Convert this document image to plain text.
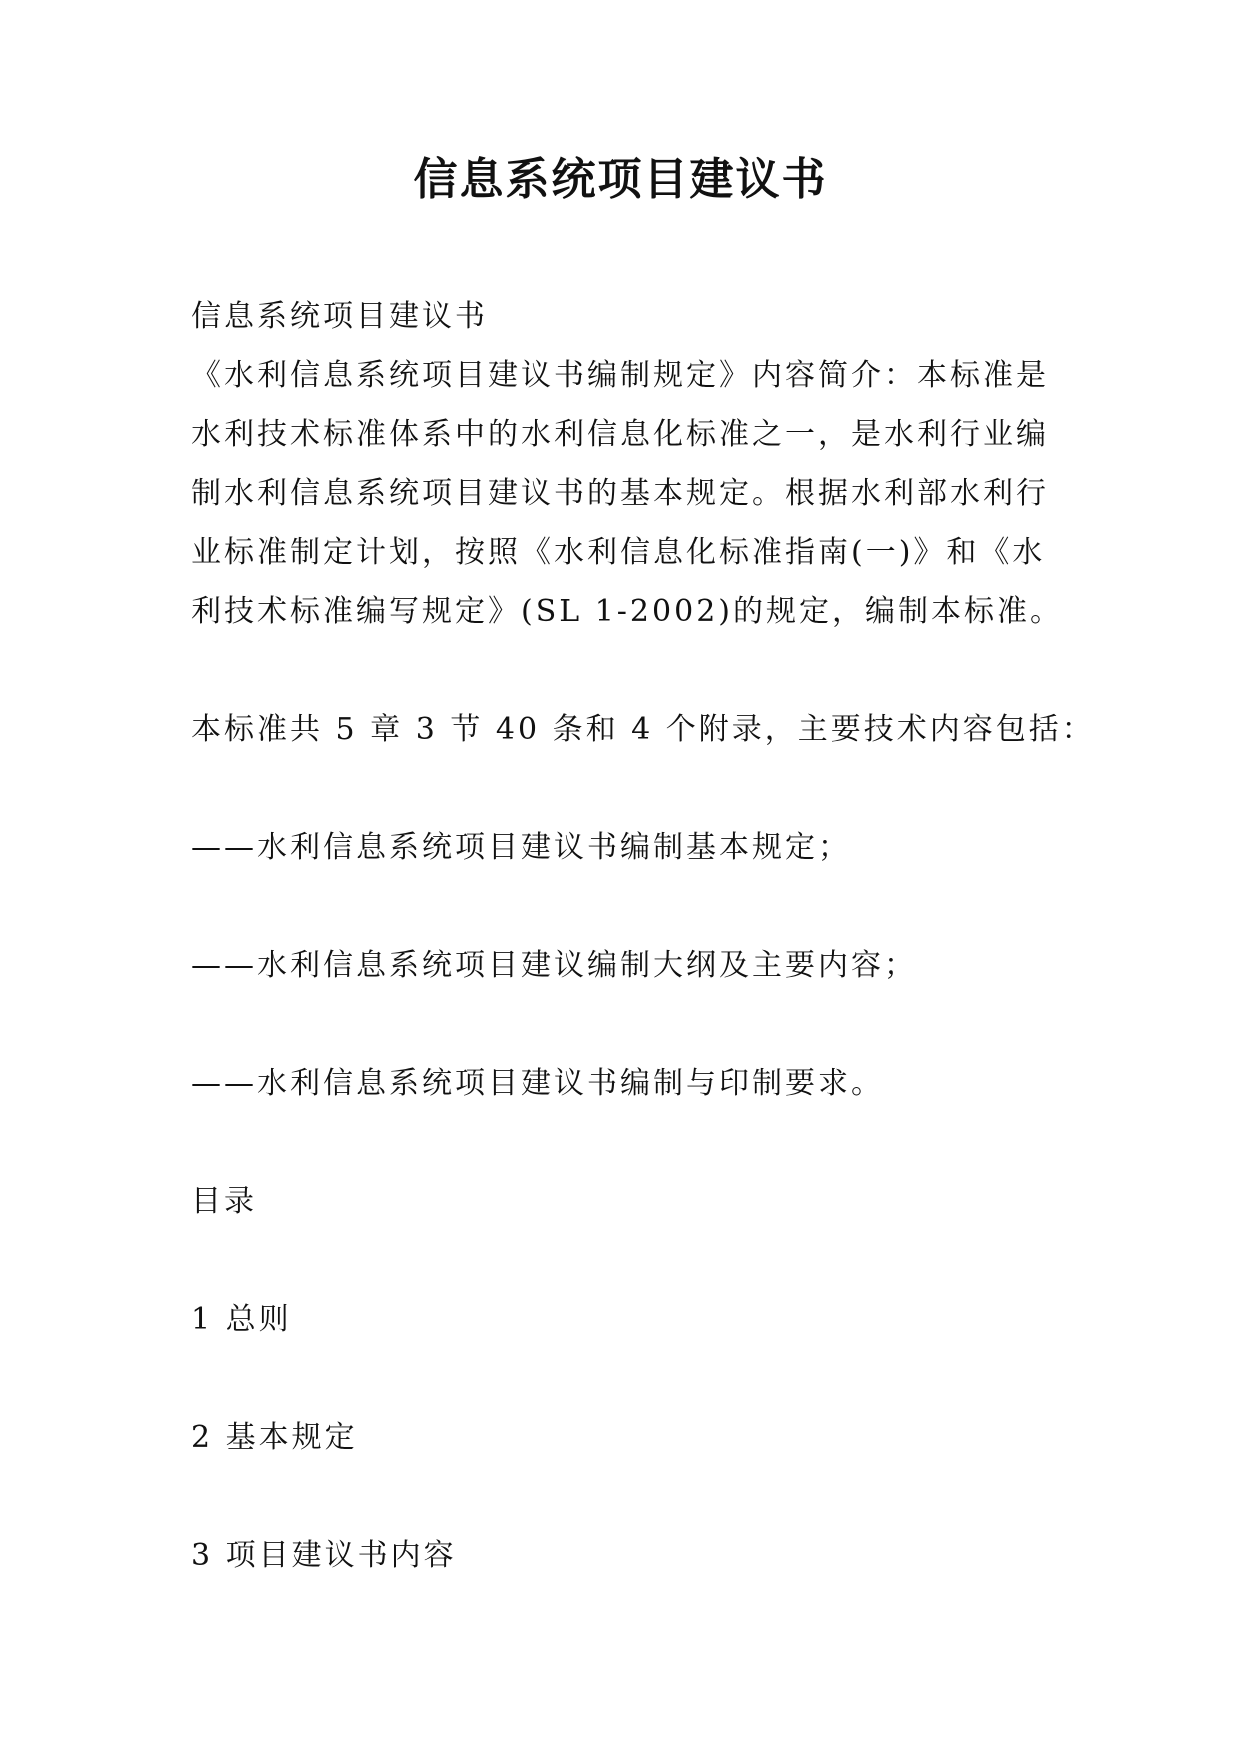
信息系统项目建议书
信息系统项目建议书
《水利信息系统项目建议书编制规定》内容简介：本标准是
水利技术标准体系中的水利信息化标准之一，是水利行业编
制水利信息系统项目建议书的基本规定。根据水利部水利行
业标准制定计划，按照《水利信息化标准指南(一)》和《水
利技术标准编写规定》(SL 1-2002)的规定，编制本标准。
本标准共 5 章 3 节 40 条和 4 个附录，主要技术内容包括：
——水利信息系统项目建议书编制基本规定；
——水利信息系统项目建议编制大纲及主要内容；
——水利信息系统项目建议书编制与印制要求。
目录
1 总则
2 基本规定
3 项目建议书内容
